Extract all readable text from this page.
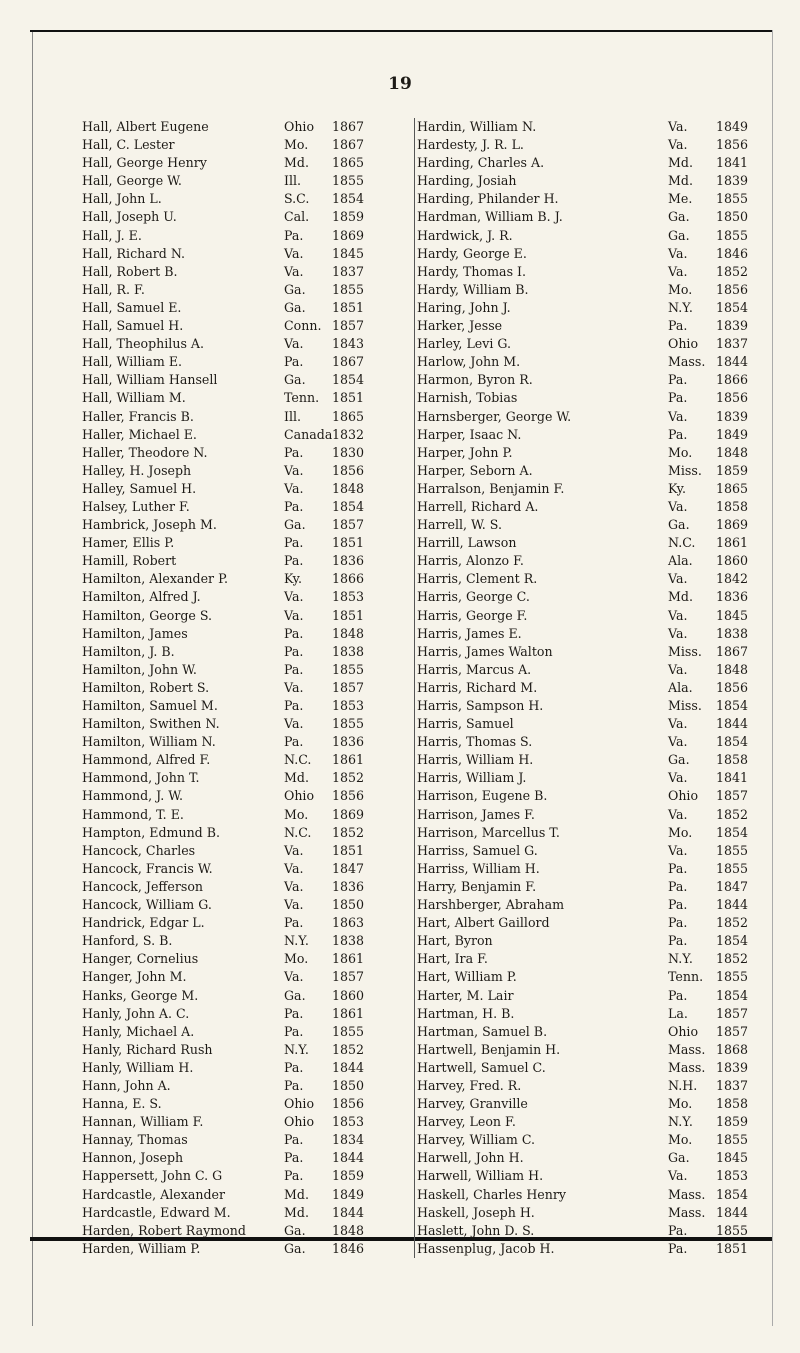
19
Hall, Albert Eugene	Ohio 1867
Hall, C. Lester	Mo. 1867
Hall, George Henry	Md. 1865
Hall, George W.	Ill. 1855
Hall, John L.	S.C. 1854
Hall, Joseph U.	Cal. 1859
Hall, J. E.	Pa. 1869
Hall, Richard N.	Va. 1845
Hall, Robert B.	Va. 1837
Hall, R. F.	Ga. 1855
Hall, Samuel E.	Ga. 1851
Hall, Samuel H.	Conn. 1857
Hall, Theophilus A.	Va. 1843
Hall, William E.	Pa. 1867
Hall, William Hansell	Ga. 1854
Hall, William M.	Tenn. 1851
Haller, Francis B.	Ill. 1865
Haller, Michael E.	Canada 1832
Haller, Theodore N.	Pa. 1830
Halley, H. Joseph	Va. 1856
Halley, Samuel H.	Va. 1848
Halsey, Luther F.	Pa. 1854
Hambrick, Joseph M.	Ga. 1857
Hamer, Ellis P.	Pa. 1851
Hamill, Robert	Pa. 1836
Hamilton, Alexander P.	Ky. 1866
Hamilton, Alfred J.	Va. 1853
Hamilton, George S.	Va. 1851
Hamilton, James	Pa. 1848
Hamilton, J. B.	Pa. 1838
Hamilton, John W.	Pa. 1855
Hamilton, Robert S.	Va. 1857
Hamilton, Samuel M.	Pa. 1853
Hamilton, Swithen N.	Va. 1855
Hamilton, William N.	Pa. 1836
Hammond, Alfred F.	N.C. 1861
Hammond, John T.	Md. 1852
Hammond, J. W.	Ohio 1856
Hammond, T. E.	Mo. 1869
Hampton, Edmund B.	N.C. 1852
Hancock, Charles	Va. 1851
Hancock, Francis W.	Va. 1847
Hancock, Jefferson	Va. 1836
Hancock, William G.	Va. 1850
Handrick, Edgar L.	Pa. 1863
Hanford, S. B.	N.Y. 1838
Hanger, Cornelius	Mo. 1861
Hanger, John M.	Va. 1857
Hanks, George M.	Ga. 1860
Hanly, John A. C.	Pa. 1861
Hanly, Michael A.	Pa. 1855
Hanly, Richard Rush	N.Y. 1852
Hanly, William H.	Pa. 1844
Hann, John A.	Pa. 1850
Hanna, E. S.	Ohio 1856
Hannan, William F.	Ohio 1853
Hannay, Thomas	Pa. 1834
Hannon, Joseph	Pa. 1844
Happersett, John C. G	Pa. 1859
Hardcastle, Alexander	Md. 1849
Hardcastle, Edward M.	Md. 1844
Harden, Robert Raymond	Ga. 1848
Harden, William P.	Ga. 1846
Hardin, William N.	Va. 1849
Hardesty, J. R. L.	Va. 1856
Harding, Charles A.	Md. 1841
Harding, Josiah	Md. 1839
Harding, Philander H.	Me. 1855
Hardman, William B. J.	Ga. 1850
Hardwick, J. R.	Ga. 1855
Hardy, George E.	Va. 1846
Hardy, Thomas I.	Va. 1852
Hardy, William B.	Mo. 1856
Haring, John J.	N.Y. 1854
Harker, Jesse	Pa. 1839
Harley, Levi G.	Ohio 1837
Harlow, John M.	Mass. 1844
Harmon, Byron R.	Pa. 1866
Harnish, Tobias	Pa. 1856
Harnsberger, George W.	Va. 1839
Harper, Isaac N.	Pa. 1849
Harper, John P.	Mo. 1848
Harper, Seborn A.	Miss. 1859
Harralson, Benjamin F.	Ky. 1865
Harrell, Richard A.	Va. 1858
Harrell, W. S.	Ga. 1869
Harrill, Lawson	N.C. 1861
Harris, Alonzo F.	Ala. 1860
Harris, Clement R.	Va. 1842
Harris, George C.	Md. 1836
Harris, George F.	Va. 1845
Harris, James E.	Va. 1838
Harris, James Walton	Miss. 1867
Harris, Marcus A.	Va. 1848
Harris, Richard M.	Ala. 1856
Harris, Sampson H.	Miss. 1854
Harris, Samuel	Va. 1844
Harris, Thomas S.	Va. 1854
Harris, William H.	Ga. 1858
Harris, William J.	Va. 1841
Harrison, Eugene B.	Ohio 1857
Harrison, James F.	Va. 1852
Harrison, Marcellus T.	Mo. 1854
Harriss, Samuel G.	Va. 1855
Harriss, William H.	Pa. 1855
Harry, Benjamin F.	Pa. 1847
Harshberger, Abraham	Pa. 1844
Hart, Albert Gaillord	Pa. 1852
Hart, Byron	Pa. 1854
Hart, Ira F.	N.Y. 1852
Hart, William P.	Tenn. 1855
Harter, M. Lair	Pa. 1854
Hartman, H. B.	La. 1857
Hartman, Samuel B.	Ohio 1857
Hartwell, Benjamin H.	Mass. 1868
Hartwell, Samuel C.	Mass. 1839
Harvey, Fred. R.	N.H. 1837
Harvey, Granville	Mo. 1858
Harvey, Leon F.	N.Y. 1859
Harvey, William C.	Mo. 1855
Harwell, John H.	Ga. 1845
Harwell, William H.	Va. 1853
Haskell, Charles Henry	Mass. 1854
Haskell, Joseph H.	Mass. 1844
Haslett, John D. S.	Pa. 1855
Hassenplug, Jacob H.	Pa. 1851
